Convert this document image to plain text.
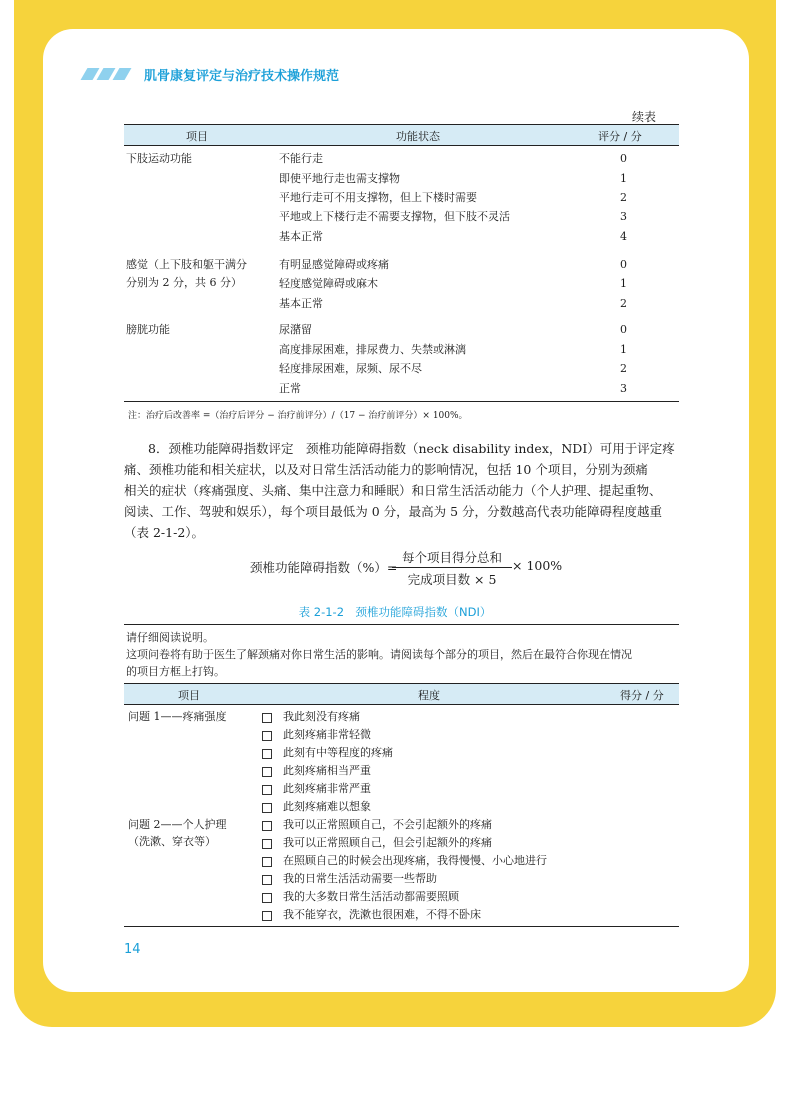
肌骨康复评定与治疗技术操作规范
续表
项目	功能状态	评分 / 分
下肢运动功能	不能行走	0
即使平地行走也需支撑物	1
平地行走可不用支撑物，但上下楼时需要	2
平地或上下楼行走不需要支撑物，但下肢不灵活	3
基本正常	4
感觉（上下肢和躯干满分
分别为 2 分，共 6 分）
有明显感觉障碍或疼痛	0
轻度感觉障碍或麻木	1
基本正常	2
膀胱功能	尿潴留	0
高度排尿困难，排尿费力、失禁或淋漓	1
轻度排尿困难，尿频、尿不尽	2
正常	3
注：治疗后改善率 =（治疗后评分 − 治疗前评分）/（17 − 治疗前评分）× 100%。
8．颈椎功能障碍指数评定　颈椎功能障碍指数（neck disability index，NDI）可用于评定疼
痛、颈椎功能和相关症状，以及对日常生活活动能力的影响情况，包括 10 个项目，分别为颈痛
相关的症状（疼痛强度、头痛、集中注意力和睡眠）和日常生活活动能力（个人护理、提起重物、
阅读、工作、驾驶和娱乐），每个项目最低为 0 分，最高为 5 分，分数越高代表功能障碍程度越重
（表 2-1-2）。
颈椎功能障碍指数（%）=
每个项目得分总和
完成项目数 × 5
× 100%
表 2-1-2　颈椎功能障碍指数（NDI）
请仔细阅读说明。
这项问卷将有助于医生了解颈痛对你日常生活的影响。请阅读每个部分的项目，然后在最符合你现在情况
的项目方框上打钩。
项目	程度	得分 / 分
问题 1——疼痛强度	我此刻没有疼痛
此刻疼痛非常轻微
此刻有中等程度的疼痛
此刻疼痛相当严重
此刻疼痛非常严重
此刻疼痛难以想象
问题 2——个人护理
（洗漱、穿衣等）
我可以正常照顾自己，不会引起额外的疼痛
我可以正常照顾自己，但会引起额外的疼痛
在照顾自己的时候会出现疼痛，我得慢慢、小心地进行
我的日常生活活动需要一些帮助
我的大多数日常生活活动都需要照顾
我不能穿衣，洗漱也很困难，不得不卧床
14
